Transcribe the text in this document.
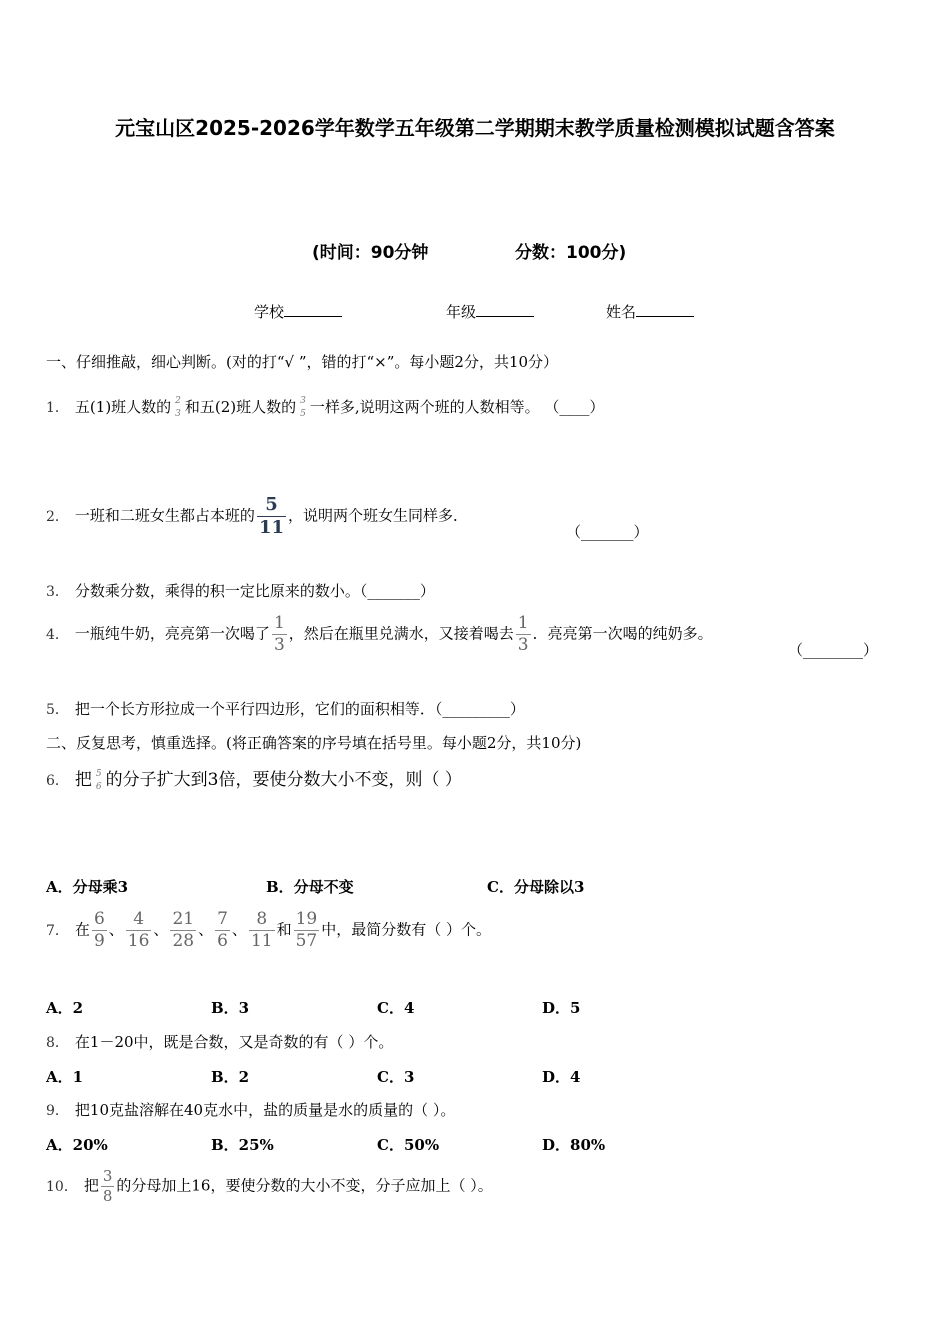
元宝山区2025-2026学年数学五年级第二学期期末教学质量检测模拟试题含答案
(时间：90分钟	分数：100分)
学校	年级	姓名
一、仔细推敲，细心判断。(对的打“√ ”，错的打“×”。每小题2分，共10分）
1． 五(1)班人数的 2
3 和五(2)班人数的 3
5 一样多,说明这两个班的人数相等。 （____）
2． 一班和二班女生都占本班的 $\frac{5}{11}$ ，说明两个班女生同样多．
（_______）
3． 分数乘分数，乘得的积一定比原来的数小。（_______）
4． 一瓶纯牛奶，亮亮第一次喝了 $\frac{1}{3}$ ，然后在瓶里兑满水，又接着喝去 $\frac{1}{3}$ ．亮亮第一次喝的纯奶多。
（________）
5． 把一个长方形拉成一个平行四边形，它们的面积相等．（_________）
二、反复思考，慎重选择。(将正确答案的序号填在括号里。每小题2分，共10分)
6． 把 5
6 的分子扩大到3倍，要使分数大小不变，则（ ）
A．分母乘3	B．分母不变	C．分母除以3
7． 在 $\frac{6}{9}$ 、 $\frac{4}{16}$ 、 $\frac{21}{28}$ 、 $\frac{7}{6}$ 、 $\frac{8}{11}$ 和 $\frac{19}{57}$ 中，最简分数有（ ）个。
A．2	B．3	C．4	D．5
8． 在1－20中，既是合数，又是奇数的有（ ）个。
A．1	B．2	C．3	D．4
9． 把10克盐溶解在40克水中，盐的质量是水的质量的（ ）。
A．20%	B．25%	C．50%	D．80%
10． 把 $\frac{3}{8}$ 的分母加上16，要使分数的大小不变，分子应加上（ ）。
